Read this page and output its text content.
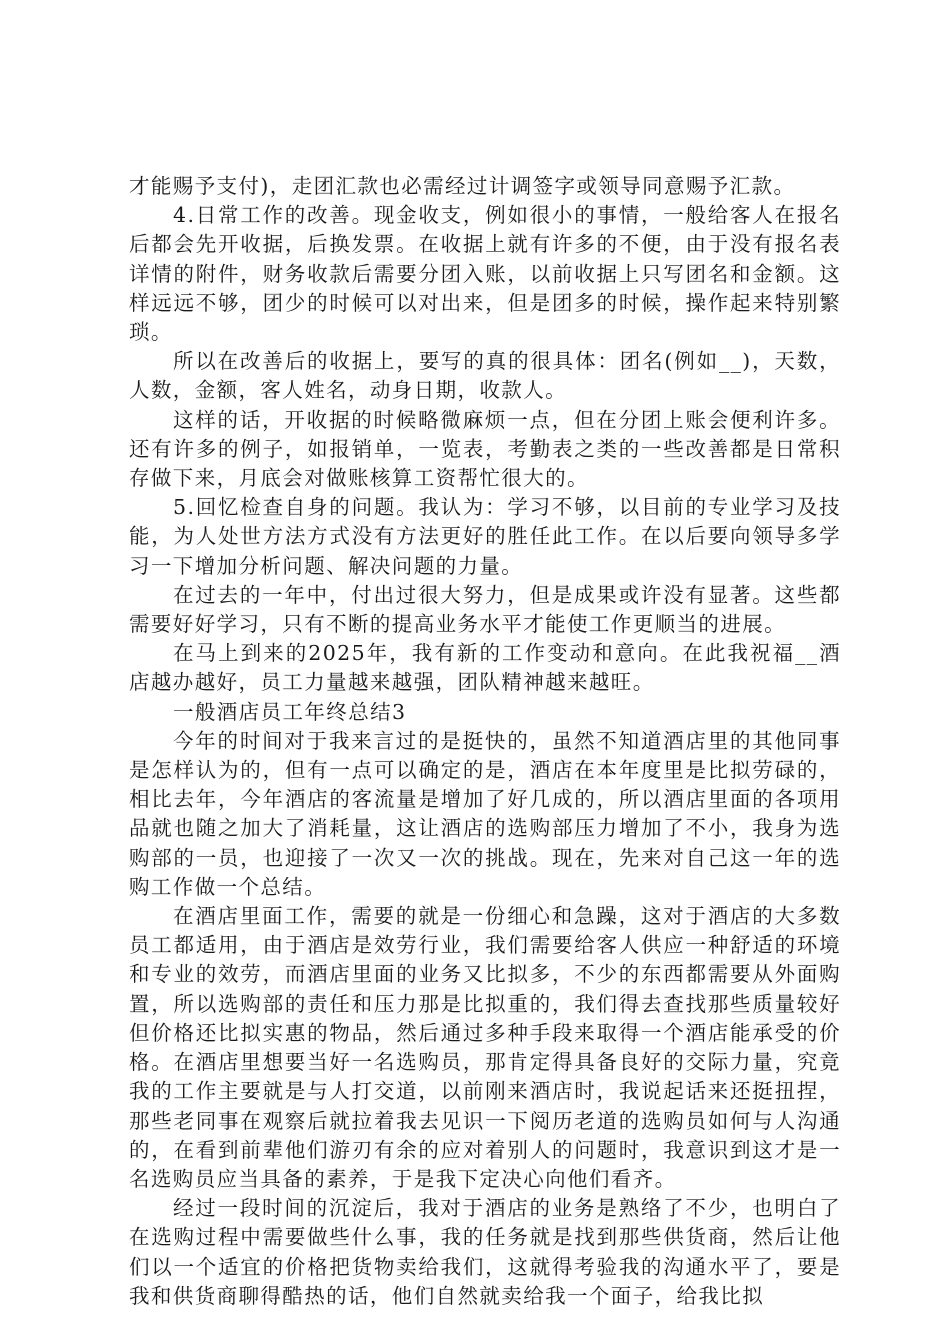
才能赐予支付)，走团汇款也必需经过计调签字或领导同意赐予汇款。

4.日常工作的改善。现金收支，例如很小的事情，一般给客人在报名后都会先开收据，后换发票。在收据上就有许多的不便，由于没有报名表详情的附件，财务收款后需要分团入账，以前收据上只写团名和金额。这样远远不够，团少的时候可以对出来，但是团多的时候，操作起来特别繁琐。

所以在改善后的收据上，要写的真的很具体：团名(例如__)，天数，人数，金额，客人姓名，动身日期，收款人。

这样的话，开收据的时候略微麻烦一点，但在分团上账会便利许多。还有许多的例子，如报销单，一览表，考勤表之类的一些改善都是日常积存做下来，月底会对做账核算工资帮忙很大的。

5.回忆检查自身的问题。我认为：学习不够，以目前的专业学习及技能，为人处世方法方式没有方法更好的胜任此工作。在以后要向领导多学习一下增加分析问题、解决问题的力量。

在过去的一年中，付出过很大努力，但是成果或许没有显著。这些都需要好好学习，只有不断的提高业务水平才能使工作更顺当的进展。

在马上到来的2025年，我有新的工作变动和意向。在此我祝福__酒店越办越好，员工力量越来越强，团队精神越来越旺。

一般酒店员工年终总结3

今年的时间对于我来言过的是挺快的，虽然不知道酒店里的其他同事是怎样认为的，但有一点可以确定的是，酒店在本年度里是比拟劳碌的，相比去年，今年酒店的客流量是增加了好几成的，所以酒店里面的各项用品就也随之加大了消耗量，这让酒店的选购部压力增加了不小，我身为选购部的一员，也迎接了一次又一次的挑战。现在，先来对自己这一年的选购工作做一个总结。

在酒店里面工作，需要的就是一份细心和急躁，这对于酒店的大多数员工都适用，由于酒店是效劳行业，我们需要给客人供应一种舒适的环境和专业的效劳，而酒店里面的业务又比拟多，不少的东西都需要从外面购置，所以选购部的责任和压力那是比拟重的，我们得去查找那些质量较好但价格还比拟实惠的物品，然后通过多种手段来取得一个酒店能承受的价格。在酒店里想要当好一名选购员，那肯定得具备良好的交际力量，究竟我的工作主要就是与人打交道，以前刚来酒店时，我说起话来还挺扭捏，那些老同事在观察后就拉着我去见识一下阅历老道的选购员如何与人沟通的，在看到前辈他们游刃有余的应对着别人的问题时，我意识到这才是一名选购员应当具备的素养，于是我下定决心向他们看齐。

经过一段时间的沉淀后，我对于酒店的业务是熟络了不少，也明白了在选购过程中需要做些什么事，我的任务就是找到那些供货商，然后让他们以一个适宜的价格把货物卖给我们，这就得考验我的沟通水平了，要是我和供货商聊得酷热的话，他们自然就卖给我一个面子，给我比拟
